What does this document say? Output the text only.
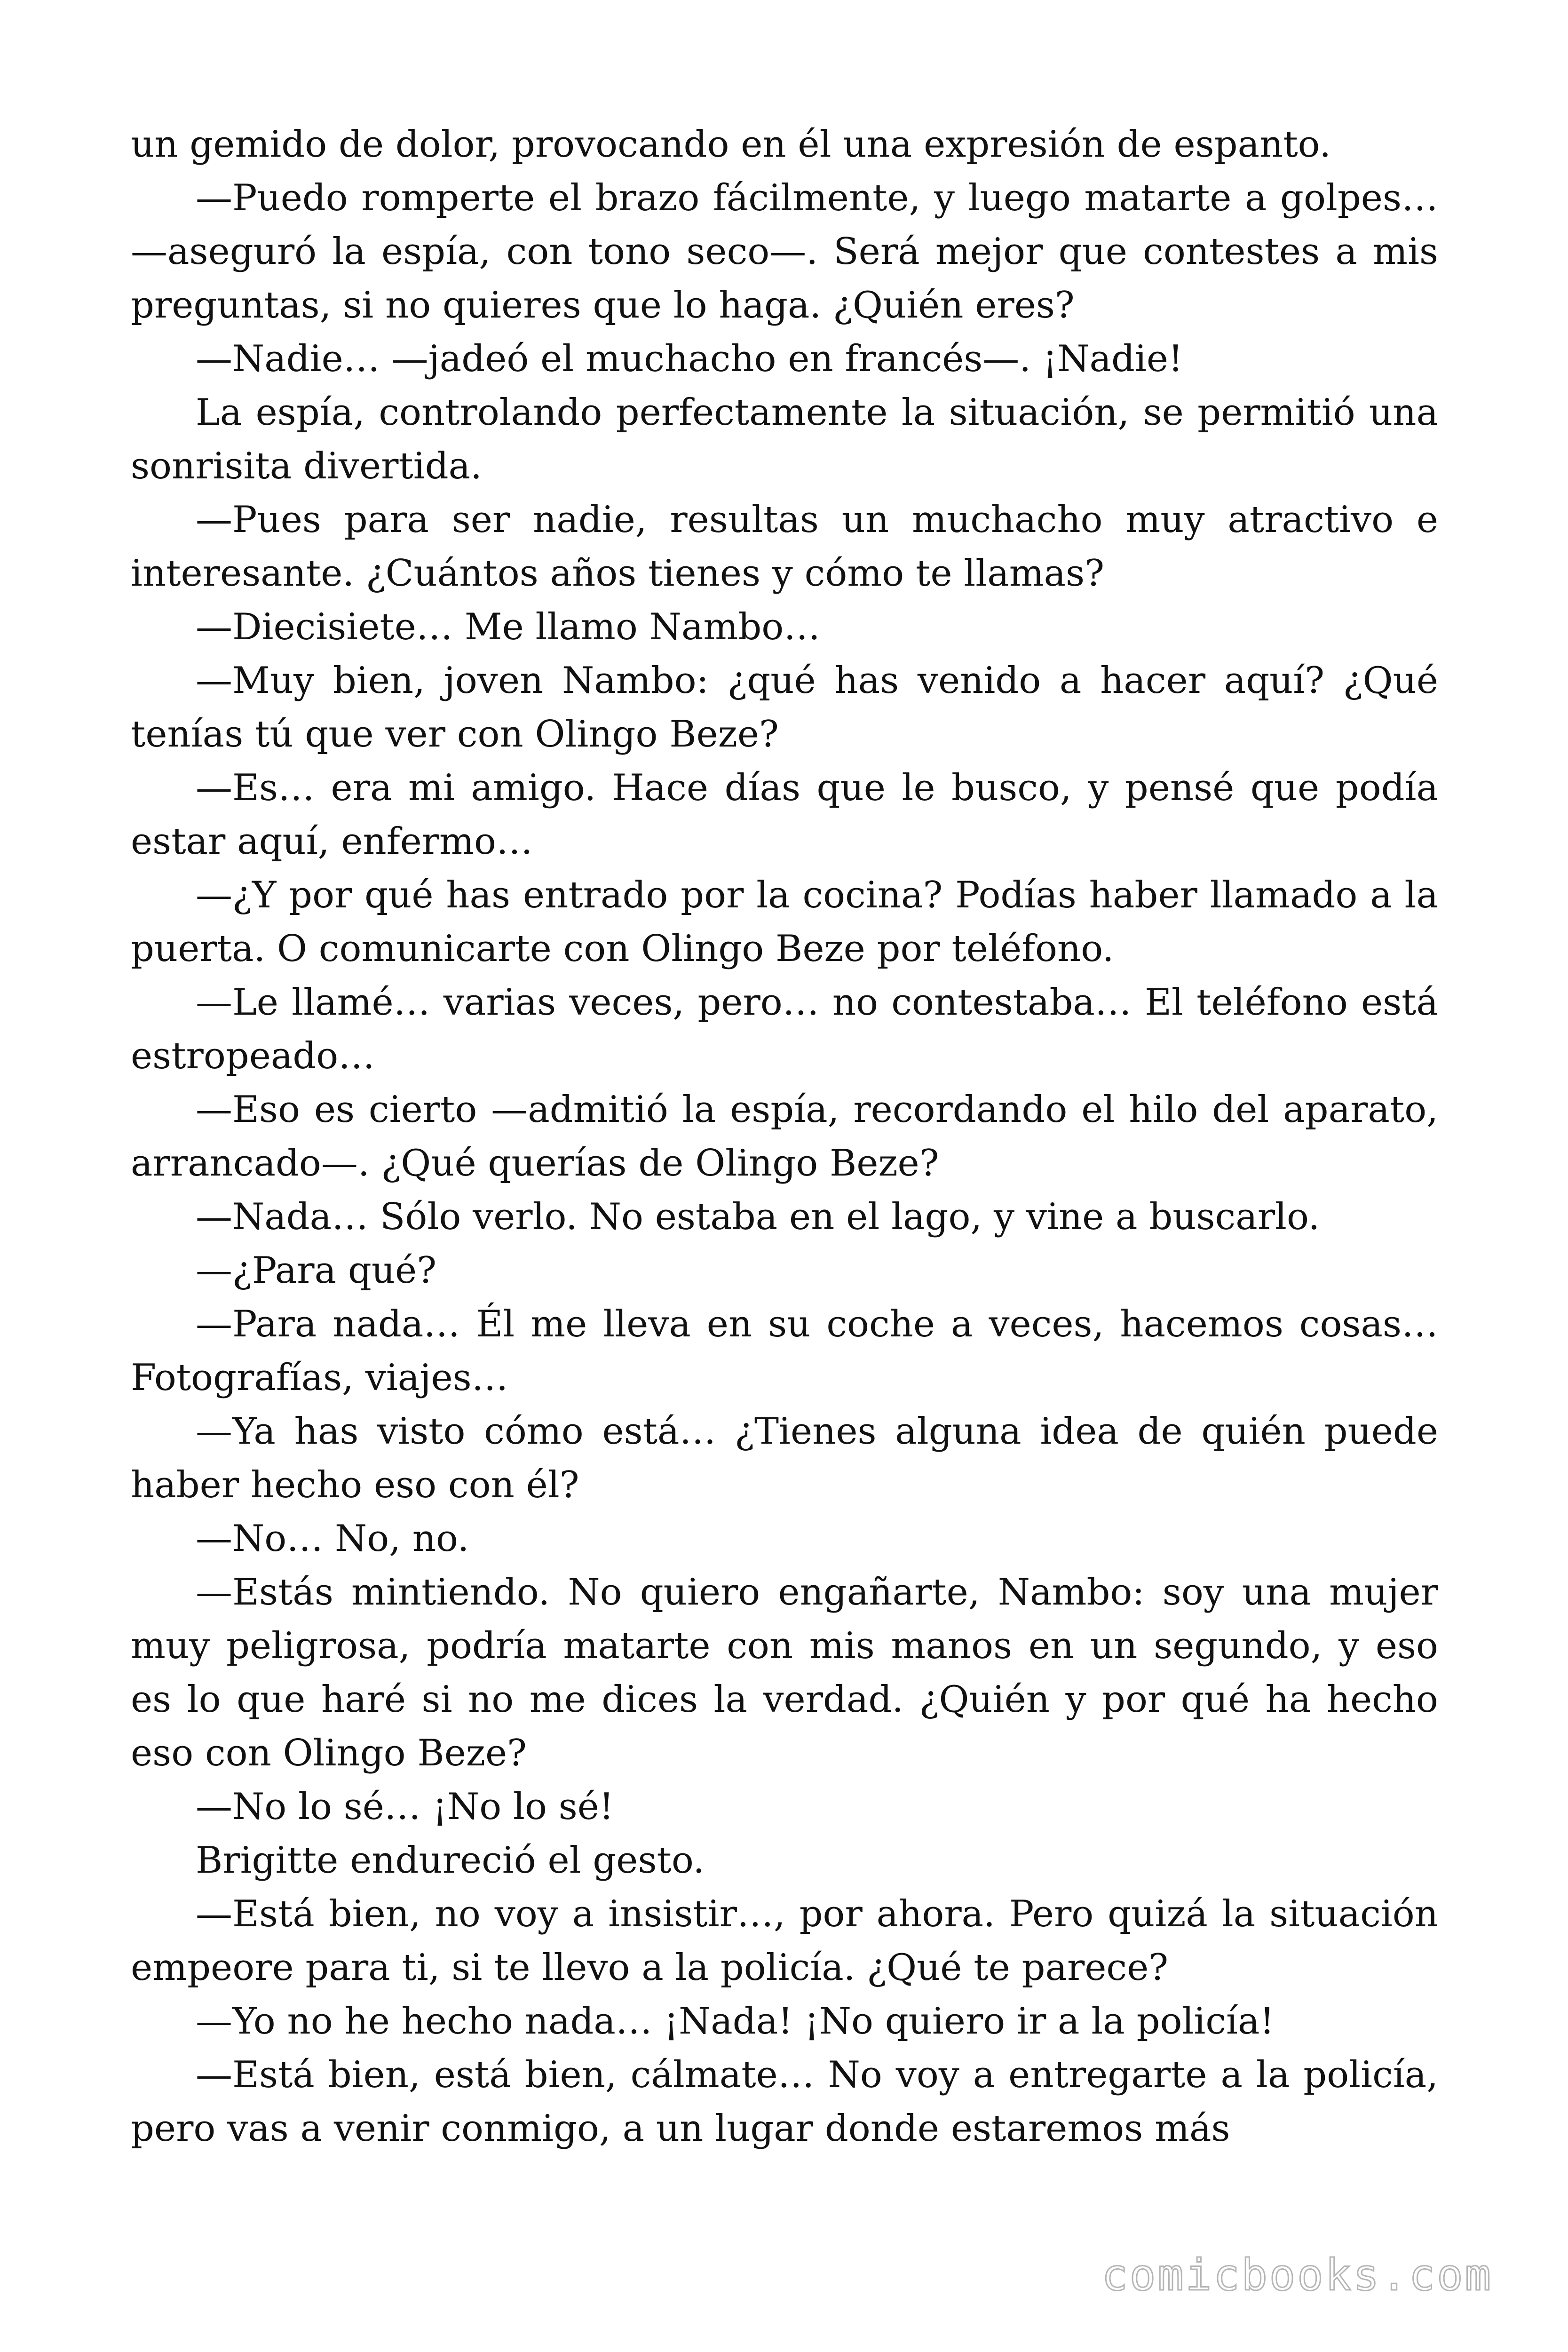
un gemido de dolor, provocando en él una expresión de espanto.

—Puedo romperte el brazo fácilmente, y luego matarte a golpes… —aseguró la espía, con tono seco—. Será mejor que contestes a mis preguntas, si no quieres que lo haga. ¿Quién eres?

—Nadie… —jadeó el muchacho en francés—. ¡Nadie!

La espía, controlando perfectamente la situación, se permitió una sonrisita divertida.

—Pues para ser nadie, resultas un muchacho muy atractivo e interesante. ¿Cuántos años tienes y cómo te llamas?

—Diecisiete… Me llamo Nambo…

—Muy bien, joven Nambo: ¿qué has venido a hacer aquí? ¿Qué tenías tú que ver con Olingo Beze?

—Es… era mi amigo. Hace días que le busco, y pensé que podía estar aquí, enfermo…

—¿Y por qué has entrado por la cocina? Podías haber llamado a la puerta. O comunicarte con Olingo Beze por teléfono.

—Le llamé… varias veces, pero… no contestaba… El teléfono está estropeado…

—Eso es cierto —admitió la espía, recordando el hilo del aparato, arrancado—. ¿Qué querías de Olingo Beze?

—Nada… Sólo verlo. No estaba en el lago, y vine a buscarlo.

—¿Para qué?

—Para nada… Él me lleva en su coche a veces, hacemos cosas… Fotografías, viajes…

—Ya has visto cómo está… ¿Tienes alguna idea de quién puede haber hecho eso con él?

—No… No, no.

—Estás mintiendo. No quiero engañarte, Nambo: soy una mujer muy peligrosa, podría matarte con mis manos en un segundo, y eso es lo que haré si no me dices la verdad. ¿Quién y por qué ha hecho eso con Olingo Beze?

—No lo sé… ¡No lo sé!

Brigitte endureció el gesto.

—Está bien, no voy a insistir…, por ahora. Pero quizá la situación empeore para ti, si te llevo a la policía. ¿Qué te parece?

—Yo no he hecho nada… ¡Nada! ¡No quiero ir a la policía!

—Está bien, está bien, cálmate… No voy a entregarte a la policía, pero vas a venir conmigo, a un lugar donde estaremos más

comicbooks.com
